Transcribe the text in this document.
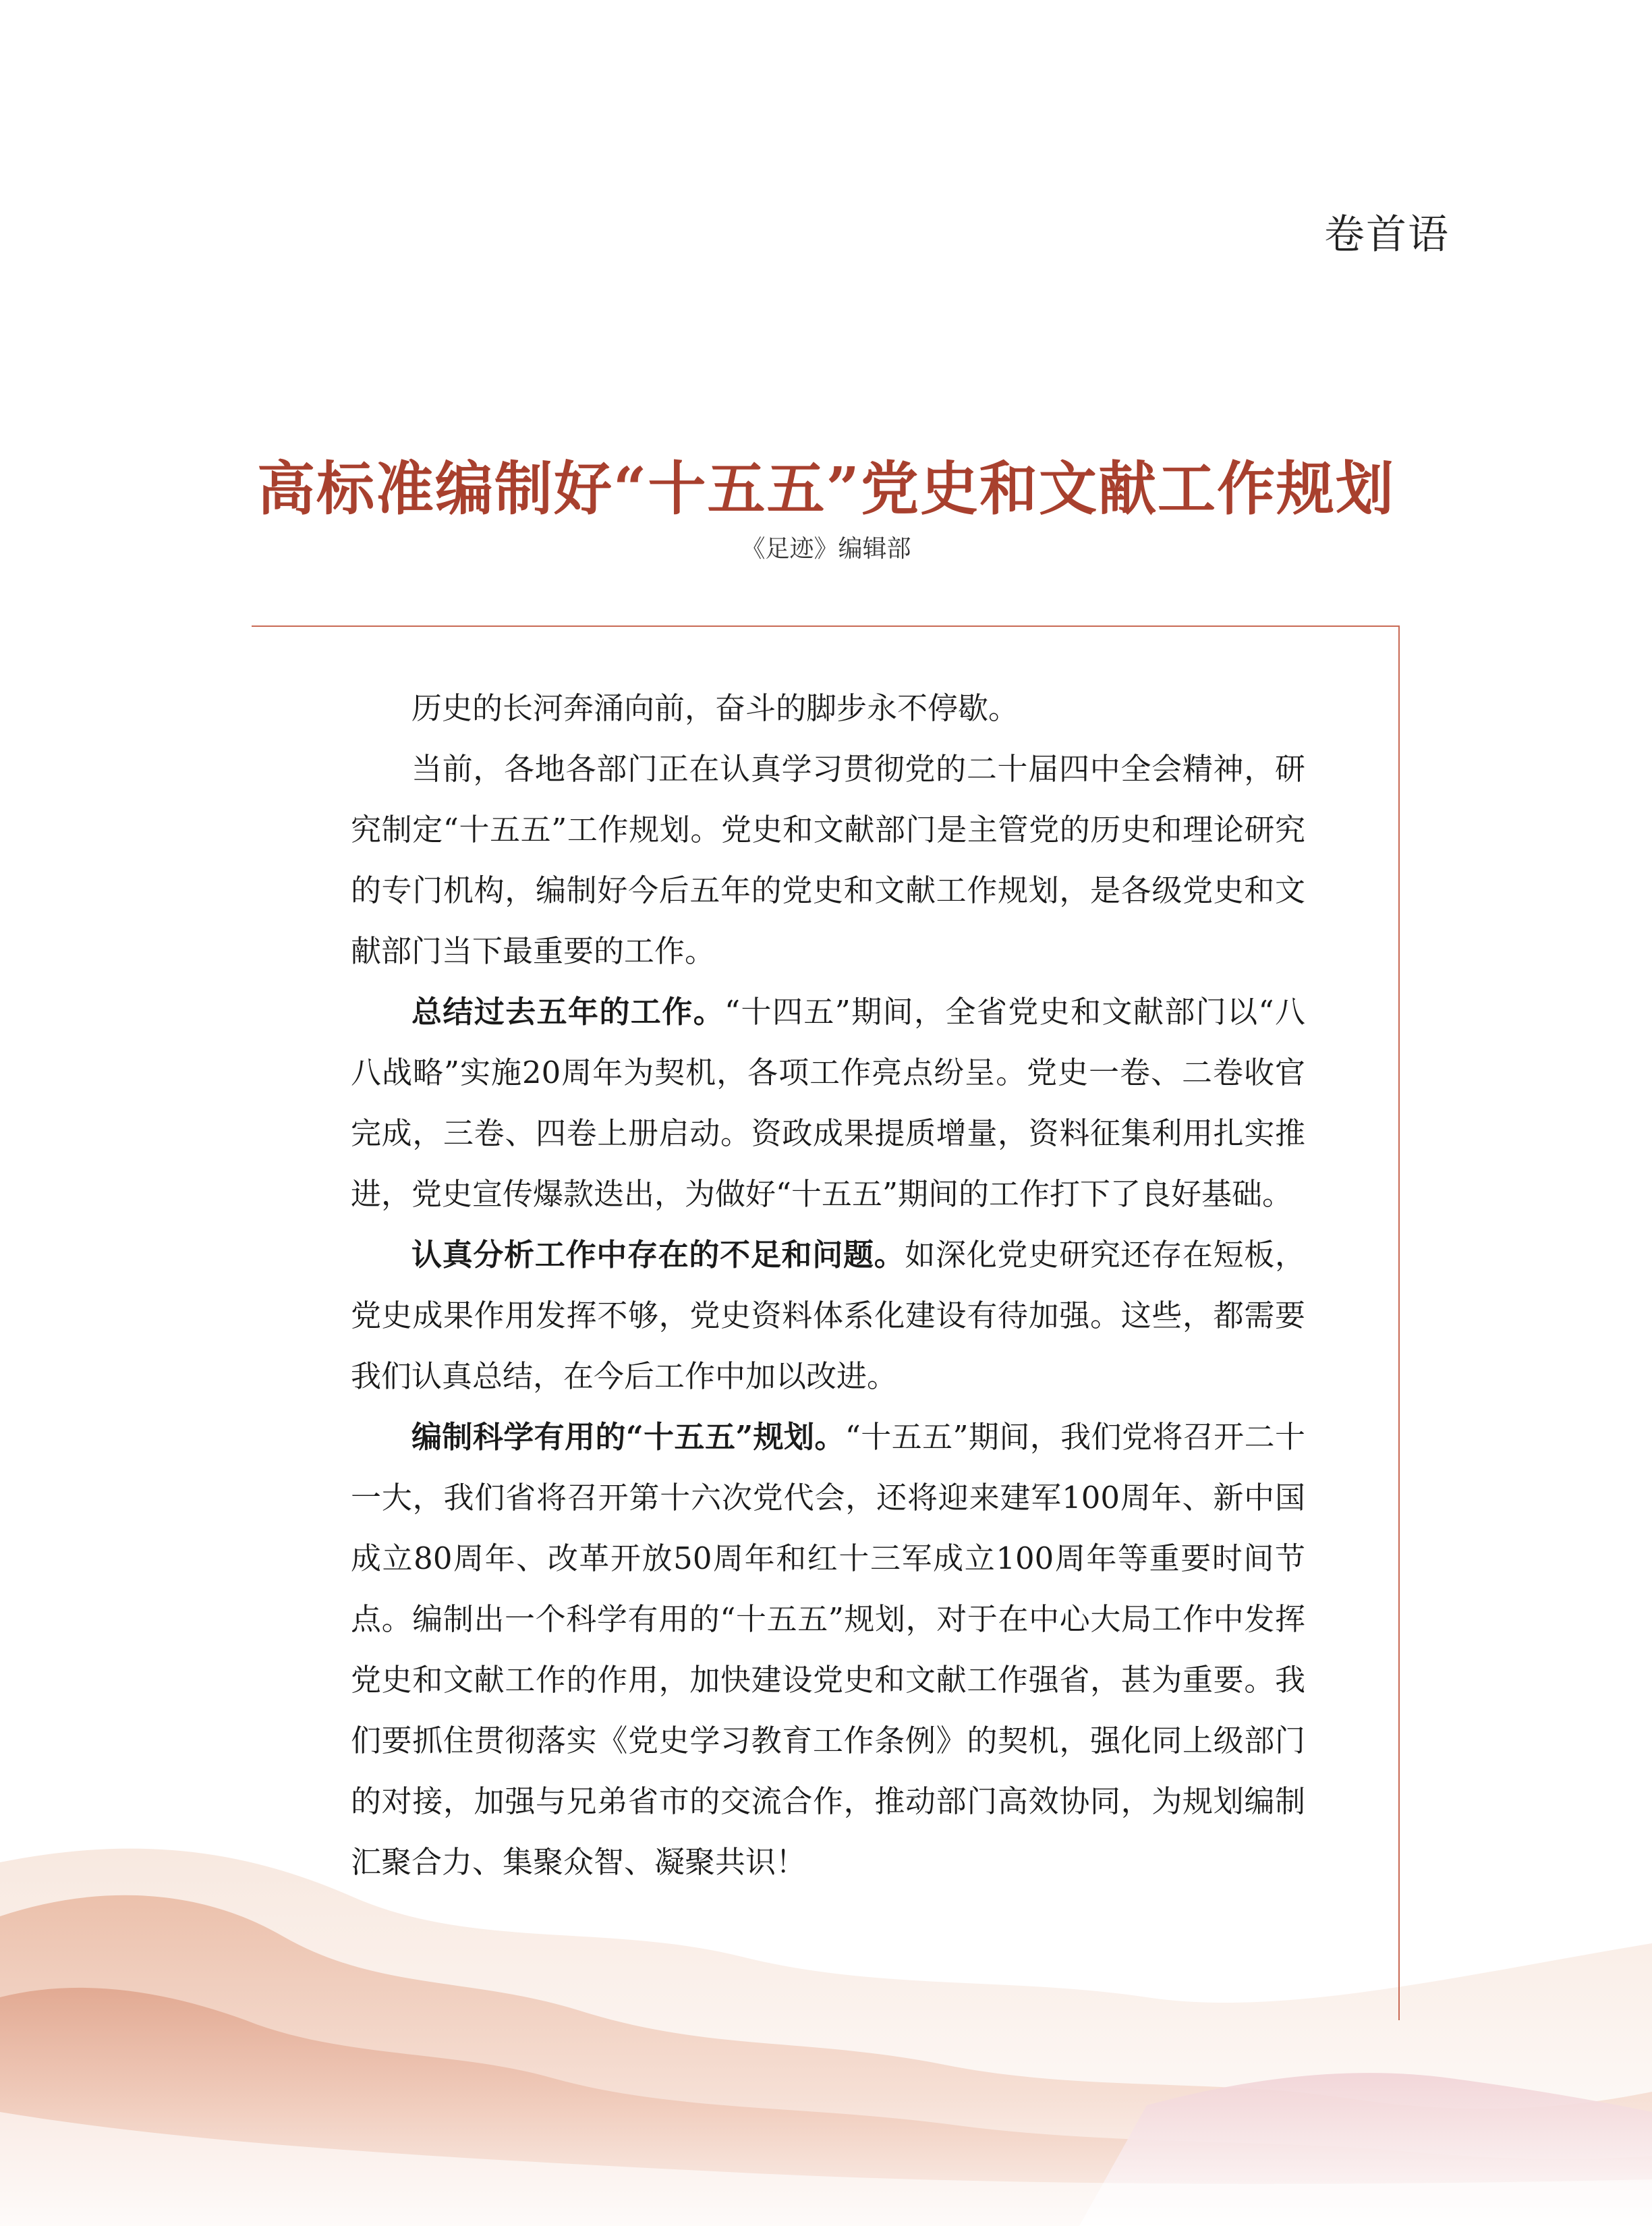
卷首语
高标准编制好“十五五”党史和文献工作规划
《足迹》编辑部

历史的长河奔涌向前，奋斗的脚步永不停歇。

当前，各地各部门正在认真学习贯彻党的二十届四中全会精神，研究制定“十五五”工作规划。党史和文献部门是主管党的历史和理论研究的专门机构，编制好今后五年的党史和文献工作规划，是各级党史和文献部门当下最重要的工作。

总结过去五年的工作。“十四五”期间，全省党史和文献部门以“八八战略”实施20周年为契机，各项工作亮点纷呈。党史一卷、二卷收官完成，三卷、四卷上册启动。资政成果提质增量，资料征集利用扎实推进，党史宣传爆款迭出，为做好“十五五”期间的工作打下了良好基础。

认真分析工作中存在的不足和问题。如深化党史研究还存在短板，党史成果作用发挥不够，党史资料体系化建设有待加强。这些，都需要我们认真总结，在今后工作中加以改进。

编制科学有用的“十五五”规划。“十五五”期间，我们党将召开二十一大，我们省将召开第十六次党代会，还将迎来建军100周年、新中国成立80周年、改革开放50周年和红十三军成立100周年等重要时间节点。编制出一个科学有用的“十五五”规划，对于在中心大局工作中发挥党史和文献工作的作用，加快建设党史和文献工作强省，甚为重要。我们要抓住贯彻落实《党史学习教育工作条例》的契机，强化同上级部门的对接，加强与兄弟省市的交流合作，推动部门高效协同，为规划编制汇聚合力、集聚众智、凝聚共识！
